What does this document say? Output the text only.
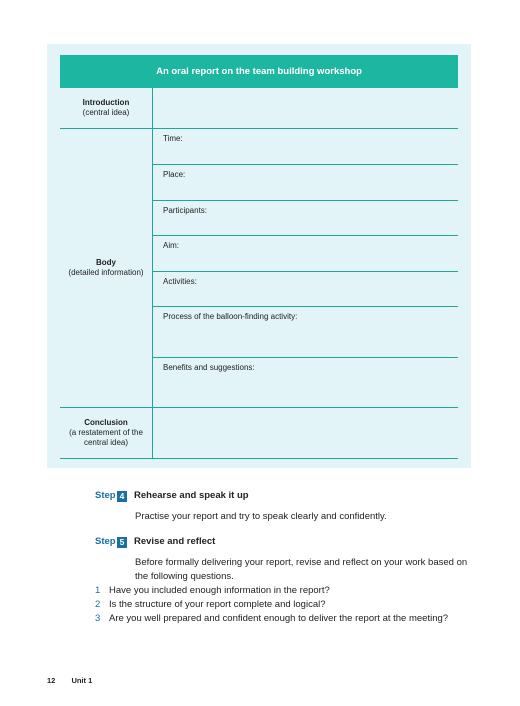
An oral report on the team building workshop
Introduction
(central idea)
Body
(detailed information)
Time:
Place:
Participants:
Aim:
Activities:
Process of the balloon-finding activity:
Benefits and suggestions:
Conclusion
(a restatement of the central idea)
Step 4 Rehearse and speak it up
Practise your report and try to speak clearly and confidently.
Step 5 Revise and reflect
Before formally delivering your report, revise and reflect on your work based on the following questions.
1 Have you included enough information in the report?
2 Is the structure of your report complete and logical?
3 Are you well prepared and confident enough to deliver the report at the meeting?
12 Unit 1
